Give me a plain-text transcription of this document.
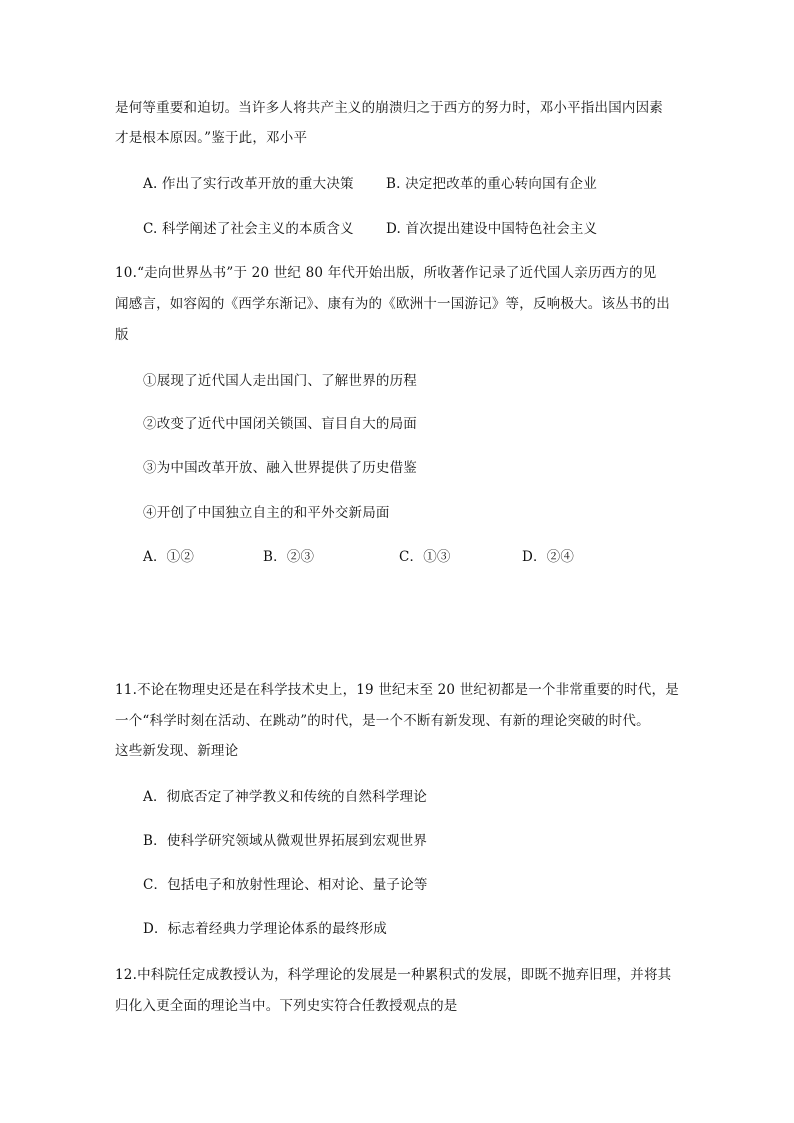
是何等重要和迫切。当许多人将共产主义的崩溃归之于西方的努力时，邓小平指出国内因素
才是根本原因。”鉴于此，邓小平
A. 作出了实行改革开放的重大决策 B. 决定把改革的重心转向国有企业
C. 科学阐述了社会主义的本质含义 D. 首次提出建设中国特色社会主义
10.“走向世界丛书”于 20 世纪 80 年代开始出版，所收著作记录了近代国人亲历西方的见
闻感言，如容闳的《西学东渐记》、康有为的《欧洲十一国游记》等，反响极大。该丛书的出
版
①展现了近代国人走出国门、了解世界的历程
②改变了近代中国闭关锁国、盲目自大的局面
③为中国改革开放、融入世界提供了历史借鉴
④开创了中国独立自主的和平外交新局面
A．①②	B．②③	C．①③	D．②④
11.不论在物理史还是在科学技术史上，19 世纪末至 20 世纪初都是一个非常重要的时代，是
一个“科学时刻在活动、在跳动”的时代，是一个不断有新发现、有新的理论突破的时代。
这些新发现、新理论
A．彻底否定了神学教义和传统的自然科学理论
B．使科学研究领域从微观世界拓展到宏观世界
C．包括电子和放射性理论、相对论、量子论等
D．标志着经典力学理论体系的最终形成
12.中科院任定成教授认为，科学理论的发展是一种累积式的发展，即既不抛弃旧理，并将其
归化入更全面的理论当中。下列史实符合任教授观点的是
